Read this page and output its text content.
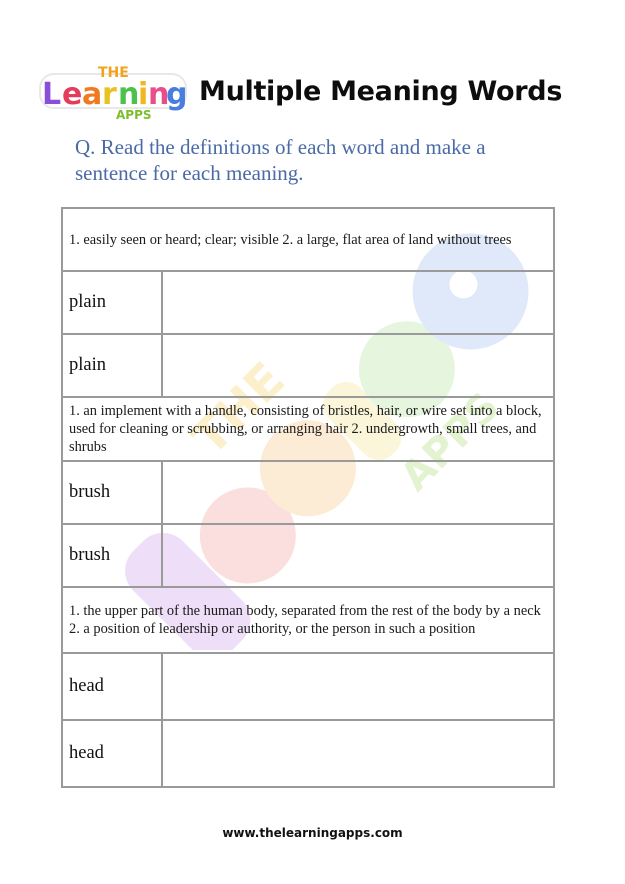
THE
L e a r n
i n
g
APPS
Multiple Meaning Words
Q. Read the definitions of each word and make a sentence for each meaning.
THE APPS
1. easily seen or heard; clear; visible 2. a large, flat area of land without trees	
plain	
plain	
1. an implement with a handle, consisting of bristles, hair, or wire set into a block, used for cleaning or scrubbing, or arranging hair 2. undergrowth, small trees, and shrubs	
brush	
brush	
1. the upper part of the human body, separated from the rest of the body by a neck 2. a position of leadership or authority, or the person in such a position	
head	
head	
www.thelearningapps.com
